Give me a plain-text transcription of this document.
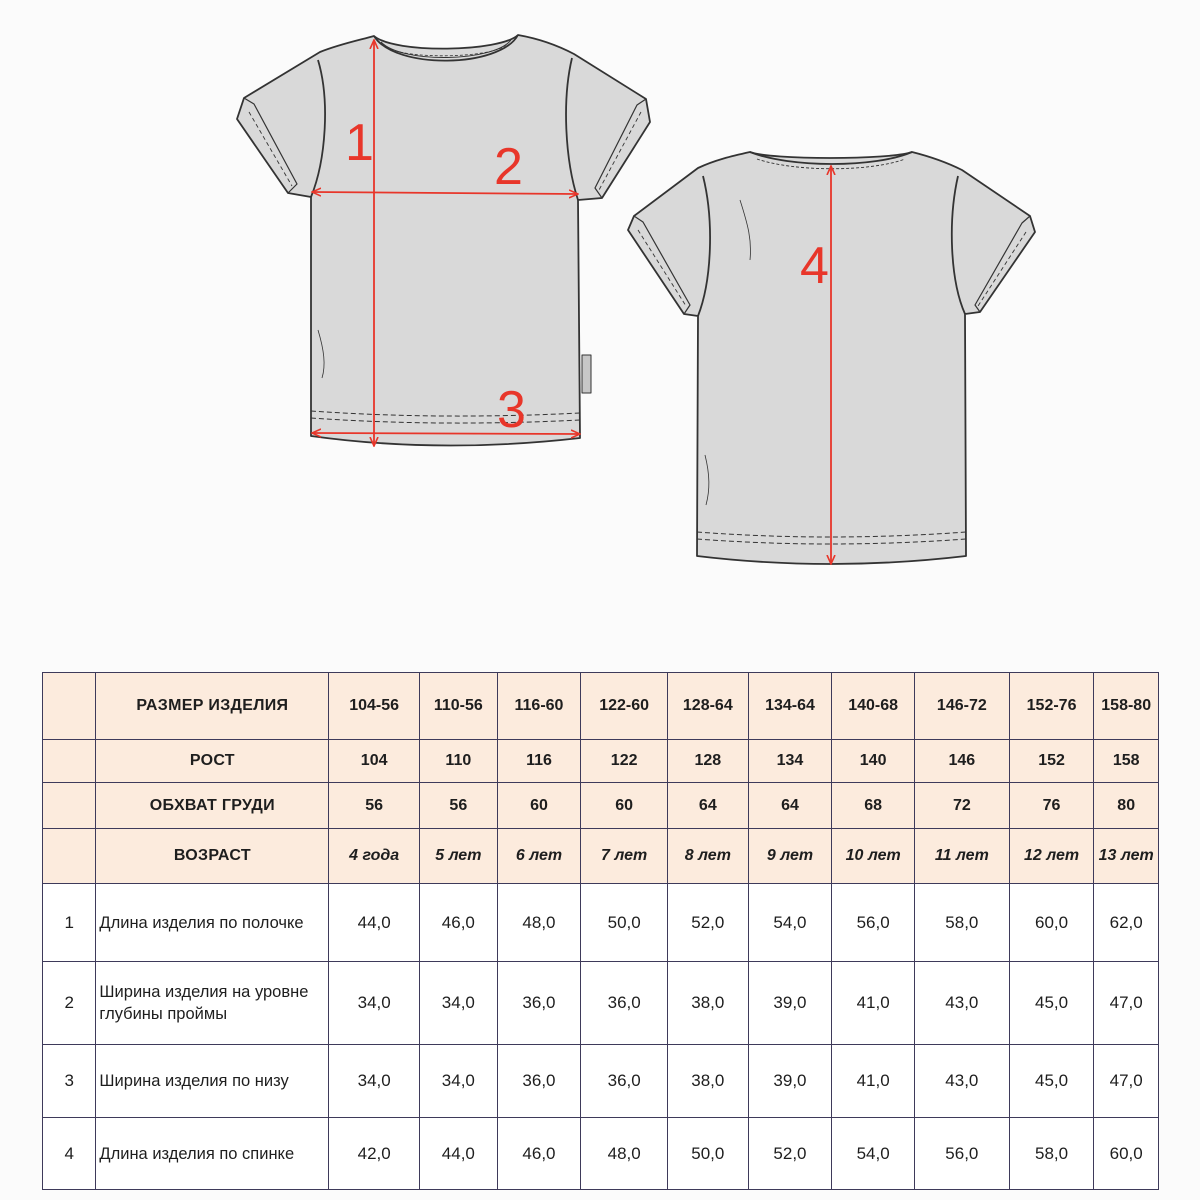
1 2
3
4
	РАЗМЕР ИЗДЕЛИЯ	104-56	110-56	116-60	122-60	128-64	134-64	140-68	146-72	152-76	158-80
	РОСТ	104	110	116	122	128	134	140	146	152	158
	ОБХВАТ ГРУДИ	56	56	60	60	64	64	68	72	76	80
	ВОЗРАСТ	4 года	5 лет	6 лет	7 лет	8 лет	9 лет	10 лет	11 лет	12 лет	13 лет
1	Длина изделия по полочке	44,0	46,0	48,0	50,0	52,0	54,0	56,0	58,0	60,0	62,0
2	Ширина изделия на уровне глубины проймы	34,0	34,0	36,0	36,0	38,0	39,0	41,0	43,0	45,0	47,0
3	Ширина изделия по низу	34,0	34,0	36,0	36,0	38,0	39,0	41,0	43,0	45,0	47,0
4	Длина изделия по спинке	42,0	44,0	46,0	48,0	50,0	52,0	54,0	56,0	58,0	60,0
